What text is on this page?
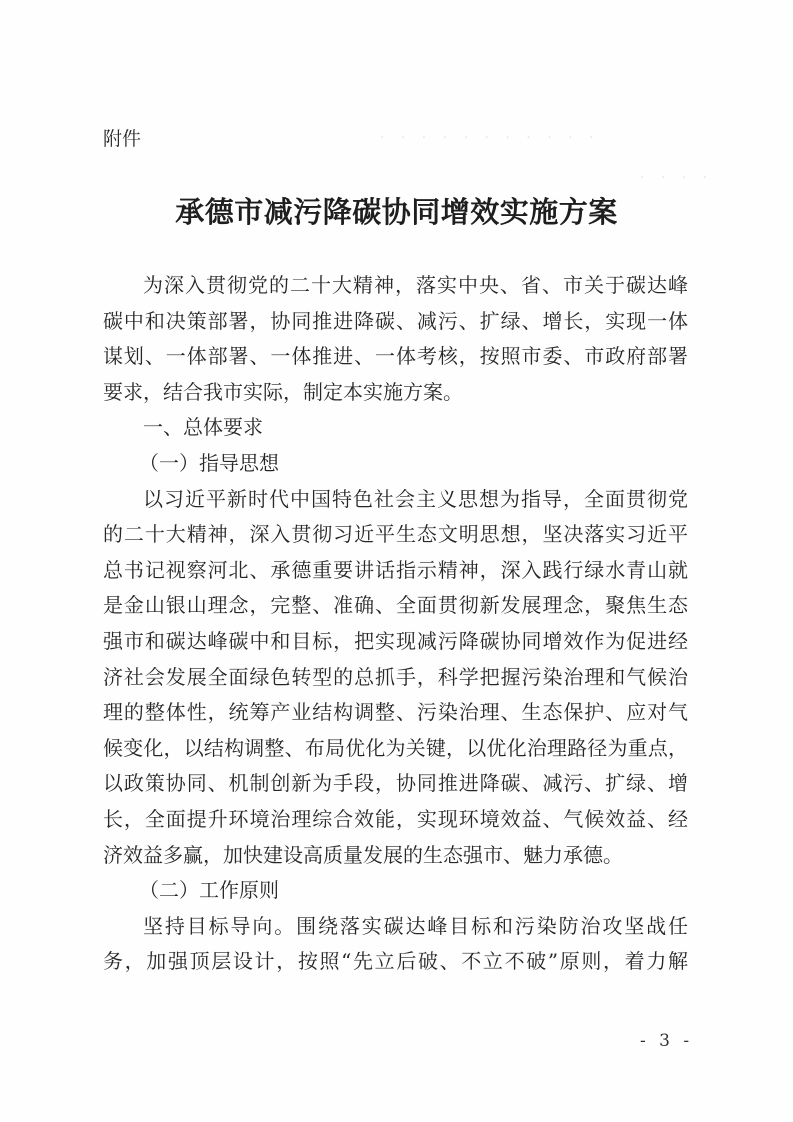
· · · · · · · · · · ·
· · · ·
附件
承德市减污降碳协同增效实施方案
为深入贯彻党的二十大精神，落实中央、省、市关于碳达峰
碳中和决策部署，协同推进降碳、减污、扩绿、增长，实现一体
谋划、一体部署、一体推进、一体考核，按照市委、市政府部署
要求，结合我市实际，制定本实施方案。
一、总体要求
（一）指导思想
以习近平新时代中国特色社会主义思想为指导，全面贯彻党
的二十大精神，深入贯彻习近平生态文明思想，坚决落实习近平
总书记视察河北、承德重要讲话指示精神，深入践行绿水青山就
是金山银山理念，完整、准确、全面贯彻新发展理念，聚焦生态
强市和碳达峰碳中和目标，把实现减污降碳协同增效作为促进经
济社会发展全面绿色转型的总抓手，科学把握污染治理和气候治
理的整体性，统筹产业结构调整、污染治理、生态保护、应对气
候变化，以结构调整、布局优化为关键，以优化治理路径为重点，
以政策协同、机制创新为手段，协同推进降碳、减污、扩绿、增
长，全面提升环境治理综合效能，实现环境效益、气候效益、经
济效益多赢，加快建设高质量发展的生态强市、魅力承德。
（二）工作原则
坚持目标导向。围绕落实碳达峰目标和污染防治攻坚战任
务，加强顶层设计，按照“先立后破、不立不破”原则，着力解
- 3 -
